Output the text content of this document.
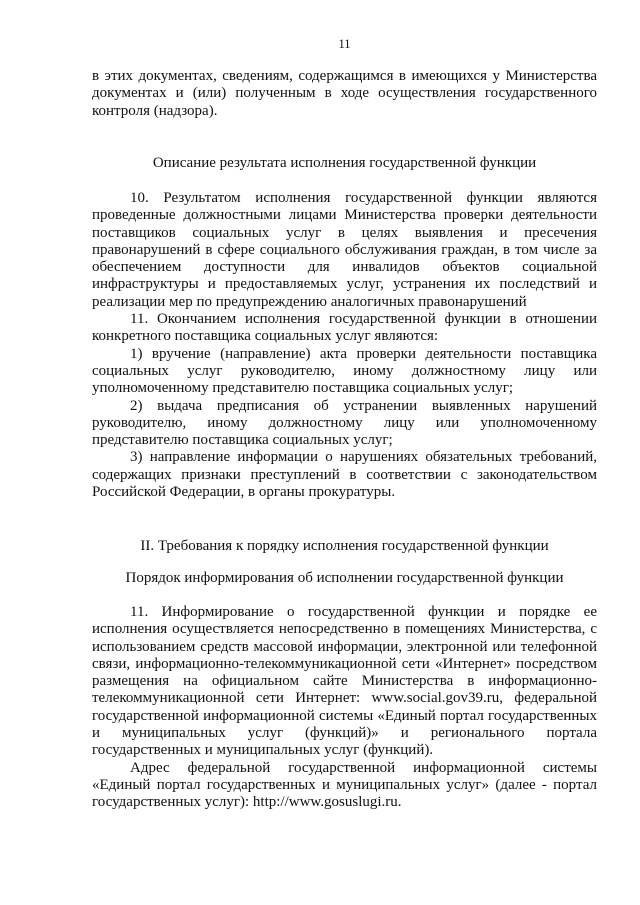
11

в этих документах, сведениям, содержащимся в имеющихся у Министерства документах и (или) полученным в ходе осуществления государственного контроля (надзора).

Описание результата исполнения государственной функции

10. Результатом исполнения государственной функции являются проведенные должностными лицами Министерства проверки деятельности поставщиков социальных услуг в целях выявления и пресечения правонарушений в сфере социального обслуживания граждан, в том числе за обеспечением доступности для инвалидов объектов социальной инфраструктуры и предоставляемых услуг, устранения их последствий и реализации мер по предупреждению аналогичных правонарушений

11. Окончанием исполнения государственной функции в отношении конкретного поставщика социальных услуг являются:

1) вручение (направление) акта проверки деятельности поставщика социальных услуг руководителю, иному должностному лицу или уполномоченному представителю поставщика социальных услуг;

2) выдача предписания об устранении выявленных нарушений руководителю, иному должностному лицу или уполномоченному представителю поставщика социальных услуг;

3) направление информации о нарушениях обязательных требований, содержащих признаки преступлений в соответствии с законодательством Российской Федерации, в органы прокуратуры.

II. Требования к порядку исполнения государственной функции
Порядок информирования об исполнении государственной функции

11. Информирование о государственной функции и порядке ее исполнения осуществляется непосредственно в помещениях Министерства, с использованием средств массовой информации, электронной или телефонной связи, информационно-телекоммуникационной сети «Интернет» посредством размещения на официальном сайте Министерства в информационно-телекоммуникационной сети Интернет: www.social.gov39.ru, федеральной государственной информационной системы «Единый портал государственных и муниципальных услуг (функций)» и регионального портала государственных и муниципальных услуг (функций).

Адрес федеральной государственной информационной системы «Единый портал государственных и муниципальных услуг» (далее - портал государственных услуг): http://www.gosuslugi.ru.
